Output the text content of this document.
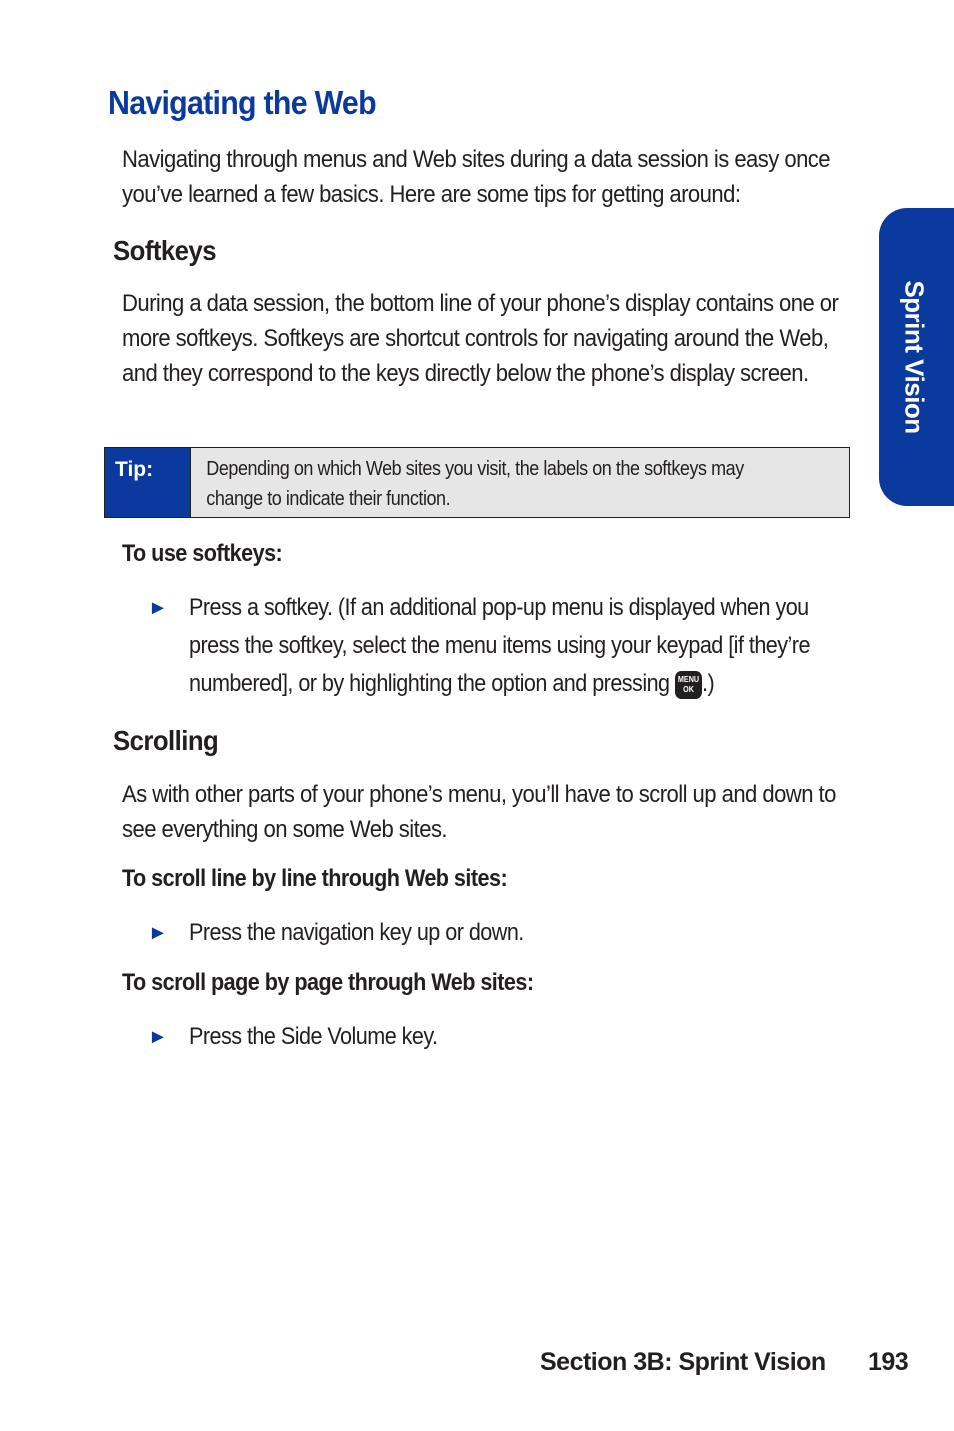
Navigating the Web

Navigating through menus and Web sites during a data session is easy once you’ve learned a few basics. Here are some tips for getting around:

Softkeys

During a data session, the bottom line of your phone’s display contains one or more softkeys. Softkeys are shortcut controls for navigating around the Web, and they correspond to the keys directly below the phone’s display screen.

Tip:	Depending on which Web sites you visit, the labels on the softkeys may change to indicate their function.
To use softkeys:
► Press a softkey. (If an additional pop-up menu is displayed when you press the softkey, select the menu items using your keypad [if they’re numbered], or by highlighting the option and pressing MENU
OK .)
Scrolling

As with other parts of your phone’s menu, you’ll have to scroll up and down to see everything on some Web sites.

To scroll line by line through Web sites:
► Press the navigation key up or down.
To scroll page by page through Web sites:
► Press the Side Volume key.
Sprint Vision

Section 3B: Sprint Vision 193
